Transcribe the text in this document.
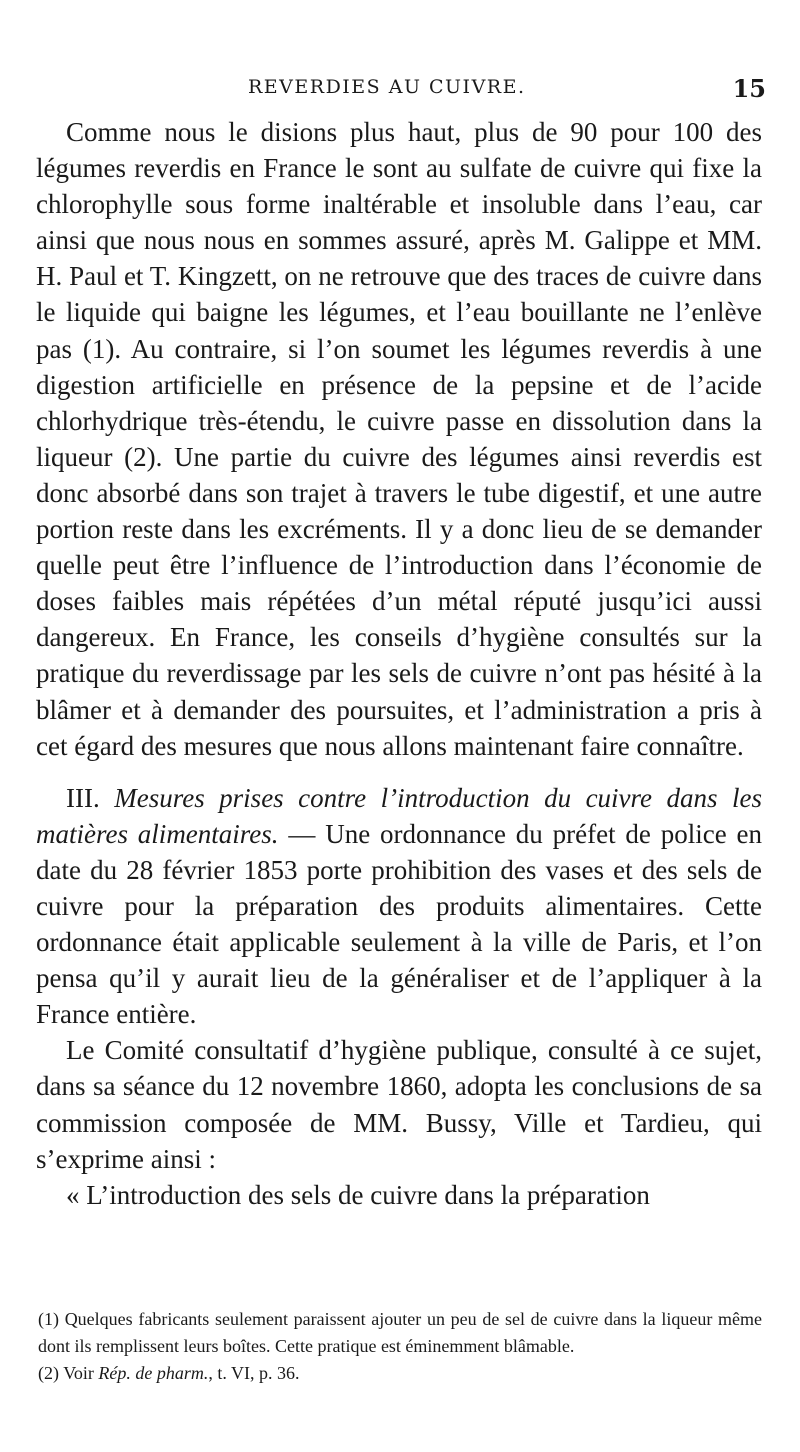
REVERDIES AU CUIVRE.	15

Comme nous le disions plus haut, plus de 90 pour 100 des légumes reverdis en France le sont au sulfate de cuivre qui fixe la chlorophylle sous forme inaltérable et insoluble dans l’eau, car ainsi que nous nous en sommes assuré, après M. Galippe et MM. H. Paul et T. Kingzett, on ne retrouve que des traces de cuivre dans le liquide qui baigne les légumes, et l’eau bouillante ne l’enlève pas (1). Au contraire, si l’on soumet les légumes reverdis à une digestion artificielle en présence de la pepsine et de l’acide chlorhydrique très-étendu, le cuivre passe en dissolution dans la liqueur (2). Une partie du cuivre des légumes ainsi reverdis est donc absorbé dans son trajet à travers le tube digestif, et une autre portion reste dans les excréments. Il y a donc lieu de se demander quelle peut être l’influence de l’introduction dans l’économie de doses faibles mais répétées d’un métal réputé jusqu’ici aussi dangereux. En France, les conseils d’hygiène consultés sur la pratique du reverdissage par les sels de cuivre n’ont pas hésité à la blâmer et à demander des poursuites, et l’administration a pris à cet égard des mesures que nous allons maintenant faire connaître.

III. Mesures prises contre l’introduction du cuivre dans les matières alimentaires. — Une ordonnance du préfet de police en date du 28 février 1853 porte prohibition des vases et des sels de cuivre pour la préparation des produits alimentaires. Cette ordonnance était applicable seulement à la ville de Paris, et l’on pensa qu’il y aurait lieu de la généraliser et de l’appliquer à la France entière.

Le Comité consultatif d’hygiène publique, consulté à ce sujet, dans sa séance du 12 novembre 1860, adopta les conclusions de sa commission composée de MM. Bussy, Ville et Tardieu, qui s’exprime ainsi :

« L’introduction des sels de cuivre dans la préparation

(1) Quelques fabricants seulement paraissent ajouter un peu de sel de cuivre dans la liqueur même dont ils remplissent leurs boîtes. Cette pratique est éminemment blâmable.

(2) Voir Rép. de pharm., t. VI, p. 36.
